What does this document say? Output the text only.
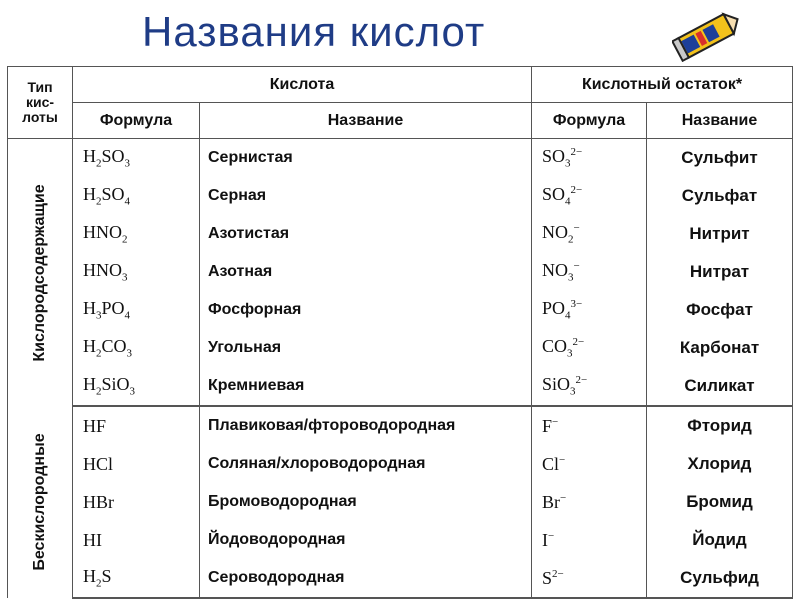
Названия кислот
Тип
кис-
лоты	Кислота		Кислотный остаток*	
	Формула	Название	Формула	Название

Кислородсодержащие	$H_2SO_3$	Сернистая	$SO_3^{2-}$	Сульфит
	$H_2SO_4$	Серная	$SO_4^{2-}$	Сульфат
	$HNO_2$	Азотистая	$NO_2^-$	Нитрит
	$HNO_3$	Азотная	$NO_3^-$	Нитрат
	$H_3PO_4$	Фосфорная	$PO_4^{3-}$	Фосфат
	$H_2CO_3$	Угольная	$CO_3^{2-}$	Карбонат
	$H_2SiO_3$	Кремниевая	SiO$_3^{2-}$	Силикат

Бескислородные	HF	Плавиковая/фтороводородная	F−	Фторид
	HCl	Соляная/хлороводородная	Cl−	Хлорид
	HBr	Бромоводородная	Br−	Бромид
	HI	Йодоводородная	I−	Йодид
	$H_2S$	Сероводородная	$S^{2-}$	Сульфид
